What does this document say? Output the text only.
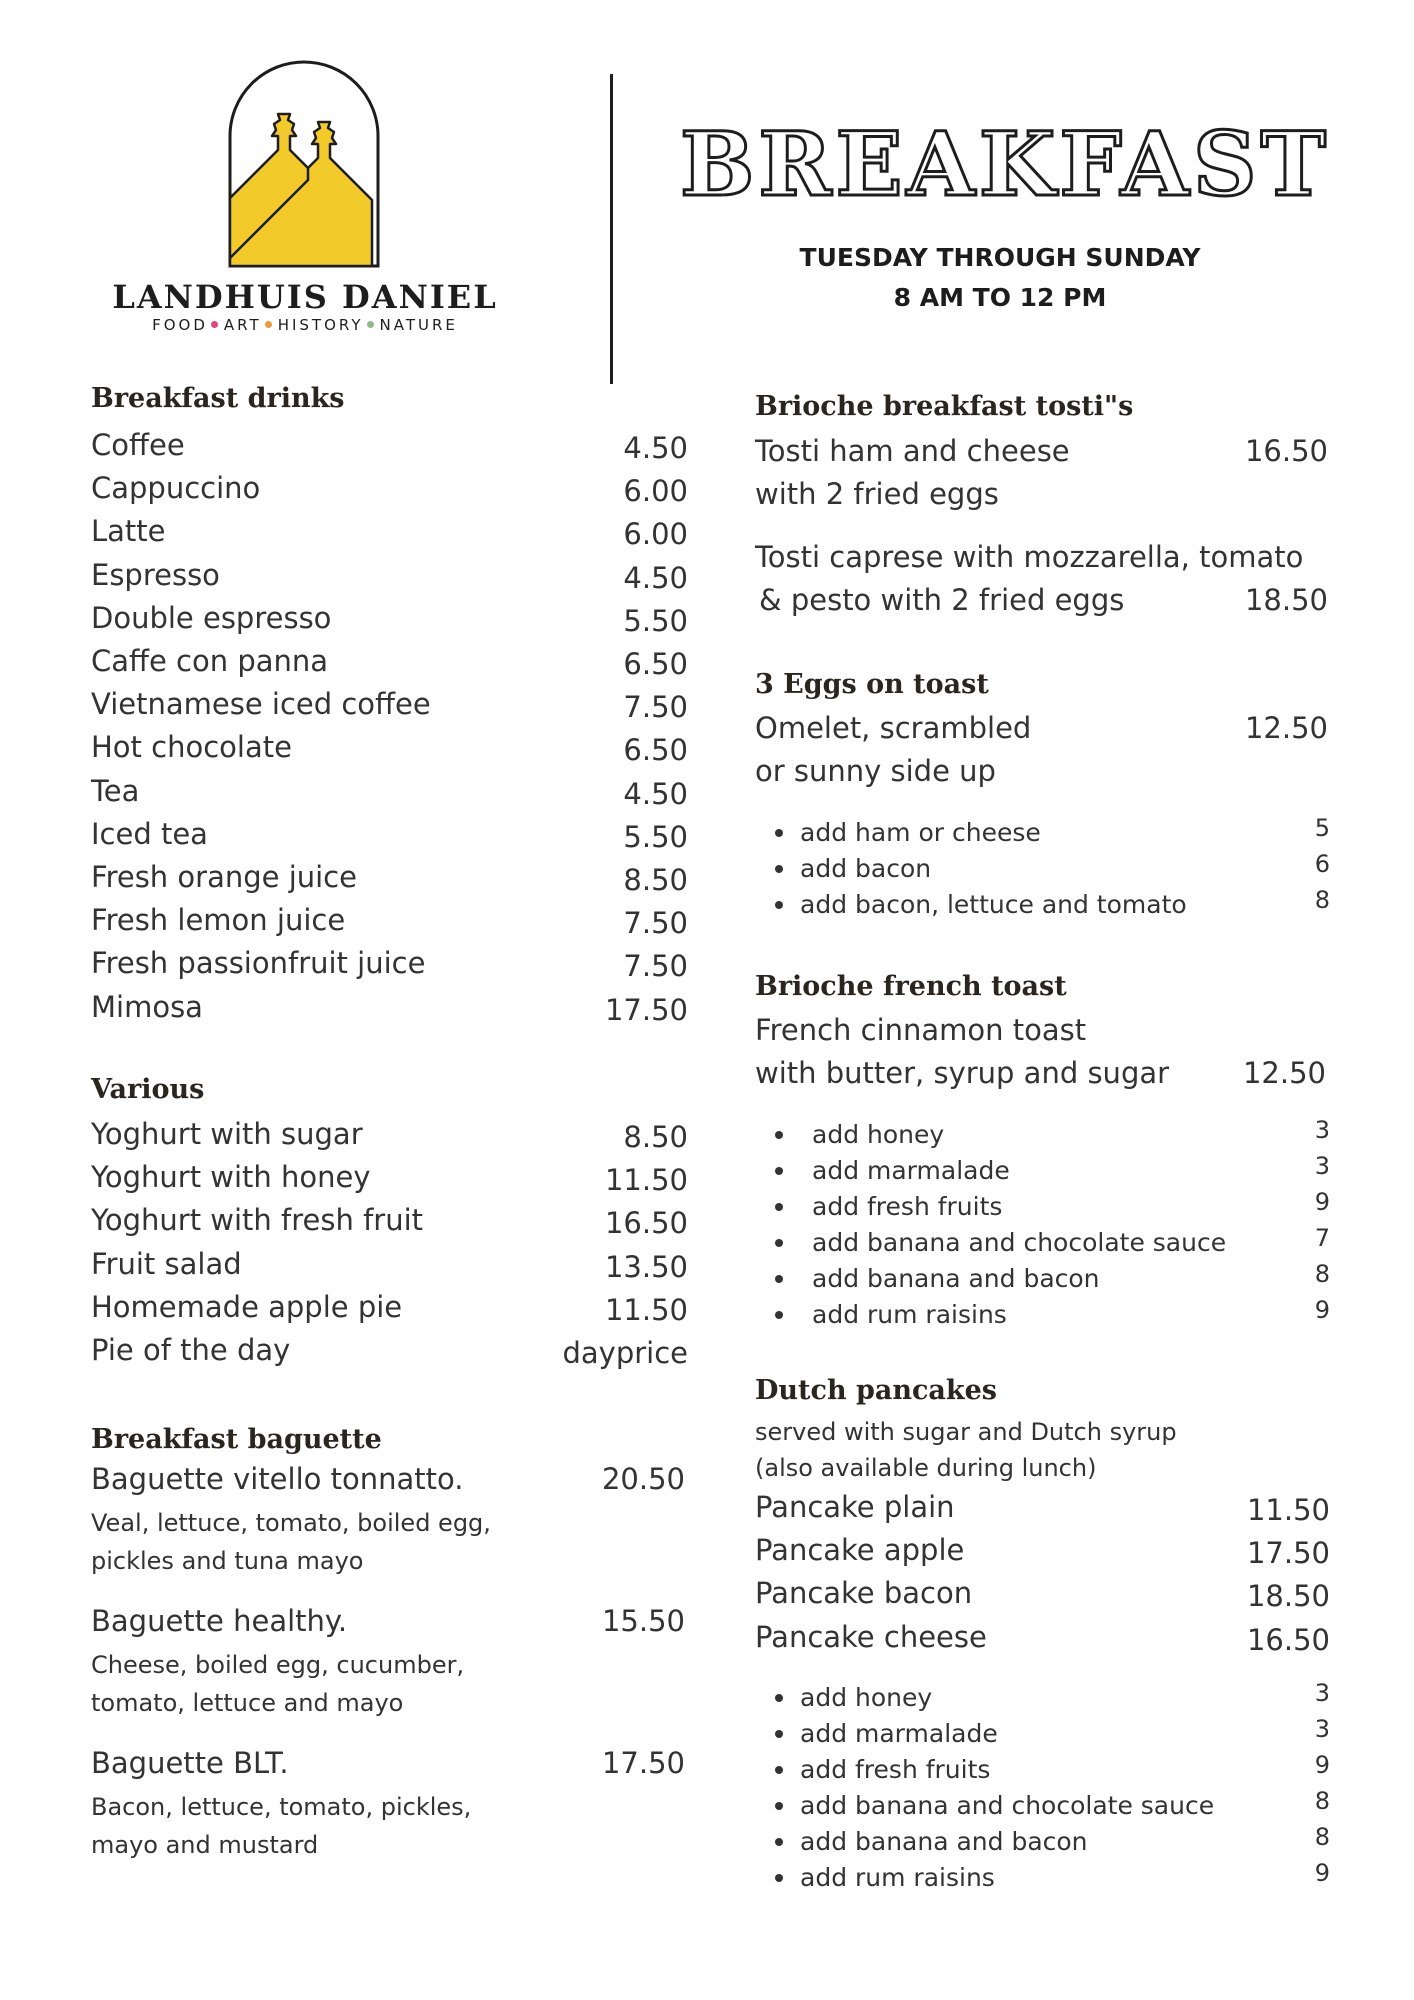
LANDHUIS DANIEL
FOOD ART HISTORY NATURE
BREAKFAST
TUESDAY THROUGH SUNDAY
8 AM TO 12 PM
Breakfast drinks
Coffee	4.50
Cappuccino	6.00
Latte	6.00
Espresso	4.50
Double espresso	5.50
Caffe con panna	6.50
Vietnamese iced coffee	7.50
Hot chocolate	6.50
Tea	4.50
Iced tea	5.50
Fresh orange juice	8.50
Fresh lemon juice	7.50
Fresh passionfruit juice	7.50
Mimosa	17.50
Various
Yoghurt with sugar	8.50
Yoghurt with honey	11.50
Yoghurt with fresh fruit	16.50
Fruit salad	13.50
Homemade apple pie	11.50
Pie of the day	dayprice
Breakfast baguette
Baguette vitello tonnatto.	20.50
Veal, lettuce, tomato, boiled egg,
pickles and tuna mayo
Baguette healthy.	15.50
Cheese, boiled egg, cucumber,
tomato, lettuce and mayo
Baguette BLT.	17.50
Bacon, lettuce, tomato, pickles,
mayo and mustard
Brioche breakfast tosti"s
Tosti ham and cheese	16.50
with 2 fried eggs
Tosti caprese with mozzarella, tomato
& pesto with 2 fried eggs	18.50
3 Eggs on toast
Omelet, scrambled	12.50
or sunny side up
add ham or cheese	5
add bacon	6
add bacon, lettuce and tomato	8
Brioche french toast
French cinnamon toast
with butter, syrup and sugar	12.50
add honey	3
add marmalade	3
add fresh fruits	9
add banana and chocolate sauce	7
add banana and bacon	8
add rum raisins	9
Dutch pancakes
served with sugar and Dutch syrup
(also available during lunch)
Pancake plain	11.50
Pancake apple	17.50
Pancake bacon	18.50
Pancake cheese	16.50
add honey	3
add marmalade	3
add fresh fruits	9
add banana and chocolate sauce	8
add banana and bacon	8
add rum raisins	9
